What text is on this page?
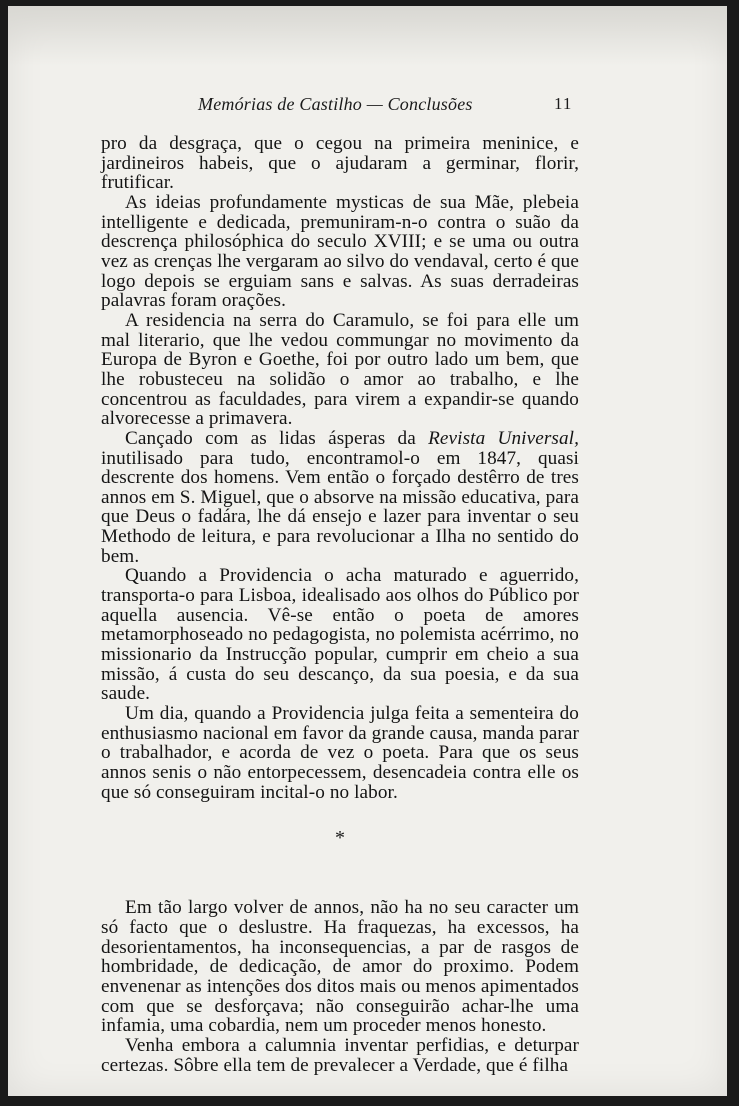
Memórias de Castilho — Conclusões	11

pro da desgraça, que o cegou na primeira meninice, e jardineiros habeis, que o ajudaram a germinar, florir, frutificar.

As ideias profundamente mysticas de sua Mãe, plebeia intelligente e dedicada, premuniram-n-o contra o suão da descrença philosóphica do seculo XVIII; e se uma ou outra vez as crenças lhe vergaram ao silvo do vendaval, certo é que logo depois se erguiam sans e salvas. As suas derradeiras palavras foram orações.

A residencia na serra do Caramulo, se foi para elle um mal literario, que lhe vedou commungar no movimento da Europa de Byron e Goethe, foi por outro lado um bem, que lhe robusteceu na solidão o amor ao trabalho, e lhe concentrou as faculdades, para virem a expandir-se quando alvorecesse a primavera.

Cançado com as lidas ásperas da Revista Universal, inutilisado para tudo, encontramol-o em 1847, quasi descrente dos homens. Vem então o forçado destêrro de tres annos em S. Miguel, que o absorve na missão educativa, para que Deus o fadára, lhe dá ensejo e lazer para inventar o seu Methodo de leitura, e para revolucionar a Ilha no sentido do bem.

Quando a Providencia o acha maturado e aguerrido, transporta-o para Lisboa, idealisado aos olhos do Público por aquella ausencia. Vê-se então o poeta de amores metamorphoseado no pedagogista, no polemista acérrimo, no missionario da Instrucção popular, cumprir em cheio a sua missão, á custa do seu descanço, da sua poesia, e da sua saude.

Um dia, quando a Providencia julga feita a sementeira do enthusiasmo nacional em favor da grande causa, manda parar o trabalhador, e acorda de vez o poeta. Para que os seus annos senis o não entorpecessem, desencadeia contra elle os que só conseguiram incital-o no labor.

*

Em tão largo volver de annos, não ha no seu caracter um só facto que o deslustre. Ha fraquezas, ha excessos, ha desorientamentos, ha inconsequencias, a par de rasgos de hombridade, de dedicação, de amor do proximo. Podem envenenar as intenções dos ditos mais ou menos apimentados com que se desforçava; não conseguirão achar-lhe uma infamia, uma cobardia, nem um proceder menos honesto.

Venha embora a calumnia inventar perfidias, e deturpar certezas. Sôbre ella tem de prevalecer a Verdade, que é filha
